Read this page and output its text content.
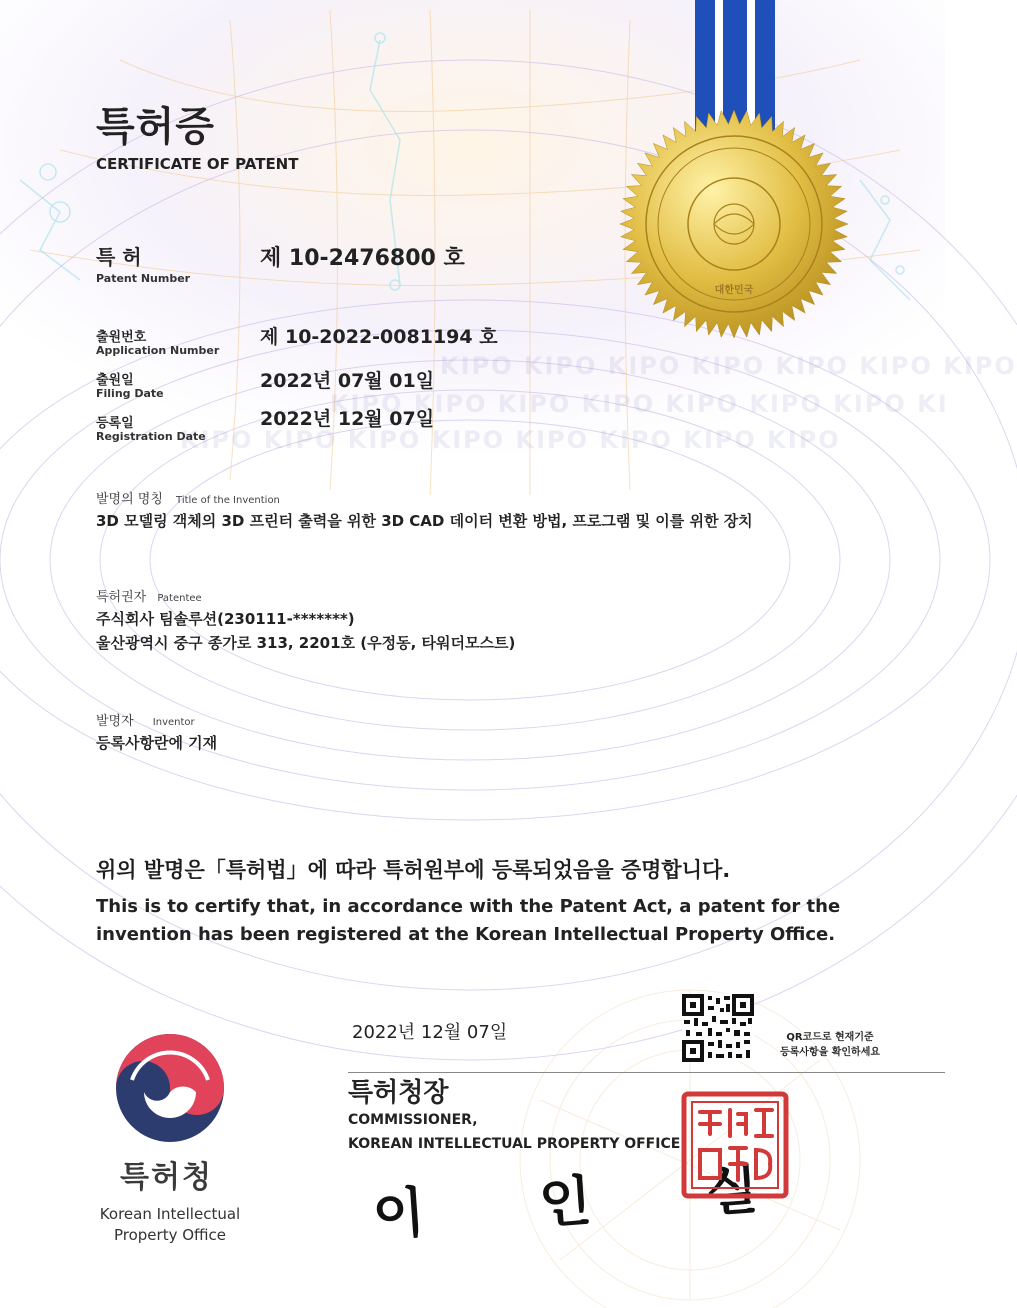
KIPO KIPO KIPO KIPO KIPO KIPO KIPO
KIPO KIPO KIPO KIPO KIPO KIPO KIPO KI
KIPO KIPO KIPO KIPO KIPO KIPO KIPO KIPO
대한민국
특허증
CERTIFICATE OF PATENT
특 허
Patent Number
제 10-2476800 호
출원번호
Application Number
제 10-2022-0081194 호
출원일
Filing Date
2022년 07월 01일
등록일
Registration Date
2022년 12월 07일
발명의 명칭 Title of the Invention
3D 모델링 객체의 3D 프린터 출력을 위한 3D CAD 데이터 변환 방법, 프로그램 및 이를 위한 장치
특허권자 Patentee
주식회사 팀솔루션(230111-*******)
울산광역시 중구 종가로 313, 2201호 (우정동, 타워더모스트)
발명자 Inventor
등록사항란에 기재
위의 발명은「특허법」에 따라 특허원부에 등록되었음을 증명합니다.
This is to certify that, in accordance with the Patent Act, a patent for the
invention has been registered at the Korean Intellectual Property Office.
2022년 12월 07일	QR코드로 현재기준
등록사항을 확인하세요
특허청장
COMMISSIONER,
KOREAN INTELLECTUAL PROPERTY OFFICE
이 인 실
특허청
Korean Intellectual
Property Office
